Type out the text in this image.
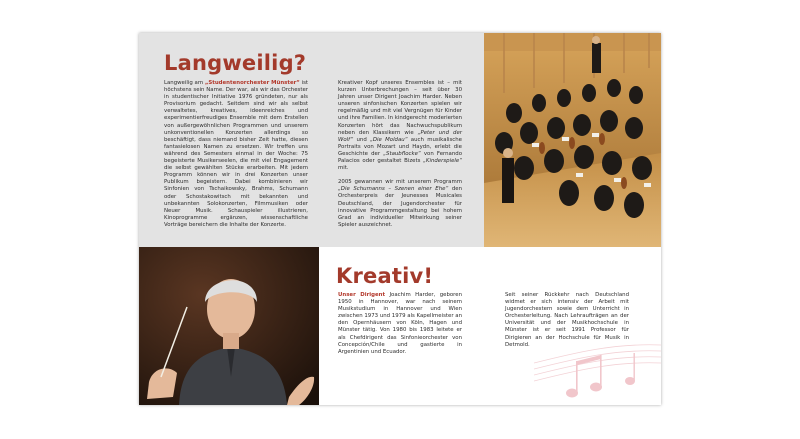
Langweilig?

Langweilig am „Studentenorchester Münster“ ist höchstens sein Name. Der war, als wir das Orchester in studentischer Initiative 1976 gründeten, nur als Provisorium gedacht. Seitdem sind wir als selbst verwaltetes, kreatives, ideenreiches und experimentierfreudiges Ensemble mit dem Erstellen von außergewöhnlichen Programmen und unserem unkonventionellen Konzerten allerdings so beschäftigt, dass niemand bisher Zeit hatte, diesen fantasielosen Namen zu ersetzen. Wir treffen uns während des Semesters einmal in der Woche: 75 begeisterte Musikerseelen, die mit viel Engagement die selbst gewählten Stücke erarbeiten. Mit jedem Programm können wir in drei Konzerten unser Publikum begeistern. Dabei kombinieren wir Sinfonien von Tschaikowsky, Brahms, Schumann oder Schostakowitsch mit bekannten und unbekannten Solokonzerten, Filmmusiken oder Neuer Musik. Schauspieler illustrieren, Kinoprogramme ergänzen, wissenschaftliche Vorträge bereichern die Inhalte der Konzerte.

Kreativer Kopf unseres Ensembles ist – mit kurzen Unterbrechungen – seit über 30 Jahren unser Dirigent Joachim Harder. Neben unseren sinfonischen Konzerten spielen wir regelmäßig und mit viel Vergnügen für Kinder und ihre Familien. In kindgerecht moderierten Konzerten hört das Nachwuchspublikum neben den Klassikern wie „Peter und der Wolf“ und „Die Moldau“ auch musikalische Portraits von Mozart und Haydn, erlebt die Geschichte der „Staubflocke“ von Fernando Palacios oder gestaltet Bizets „Kinderspiele“ mit.

2005 gewannen wir mit unserem Programm „Die Schumanns – Szenen einer Ehe“ den Orchesterpreis der Jeunesses Musicales Deutschland, der Jugendorchester für innovative Programmgestaltung bei hohem Grad an individueller Mitwirkung seiner Spieler auszeichnet.

Kreativ!

Unser Dirigent Joachim Harder, geboren 1950 in Hannover, war nach seinem Musikstudium in Hannover und Wien zwischen 1973 und 1979 als Kapellmeister an den Opernhäusern von Köln, Hagen und Münster tätig. Von 1980 bis 1983 leitete er als Chefdirigent das Sinfonieorchester von Concepción/Chile und gastierte in Argentinien und Ecuador.

Seit seiner Rückkehr nach Deutschland widmet er sich intensiv der Arbeit mit Jugendorchestern sowie dem Unterricht in Orchesterleitung. Nach Lehraufträgen an der Universität und der Musikhochschule in Münster ist er seit 1991 Professor für Dirigieren an der Hochschule für Musik in Detmold.
